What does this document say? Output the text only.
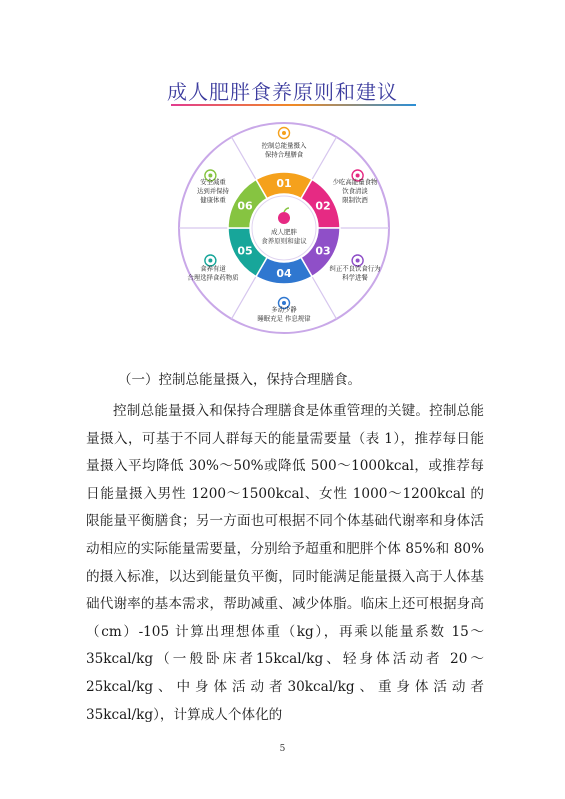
成人肥胖食养原则和建议
01
控制总能量摄入
保持合理膳食
02
少吃高能量食物
饮食清淡
限制饮酒
03
纠正不良饮食行为
科学进餐
04
多动少静
睡眠充足 作息规律
05
食养有道
合理选择食药物质
06
安全减重
达到并保持
健康体重
成人肥胖
食养原则和建议

（一）控制总能量摄入，保持合理膳食。

控制总能量摄入和保持合理膳食是体重管理的关键。控制总能量摄入，可基于不同人群每天的能量需要量（表 1），推荐每日能量摄入平均降低 30%～50%或降低 500～1000kcal，或推荐每日能量摄入男性 1200～1500kcal、女性 1000～1200kcal 的限能量平衡膳食；另一方面也可根据不同个体基础代谢率和身体活动相应的实际能量需要量，分别给予超重和肥胖个体 85%和 80%的摄入标准，以达到能量负平衡，同时能满足能量摄入高于人体基础代谢率的基本需求，帮助减重、减少体脂。临床上还可根据身高（cm）-105 计算出理想体重（kg），再乘以能量系数 15～35kcal/kg（一般卧床者15kcal/kg、轻身体活动者 20～25kcal/kg、中身体活动者30kcal/kg、重身体活动者 35kcal/kg），计算成人个体化的

5
